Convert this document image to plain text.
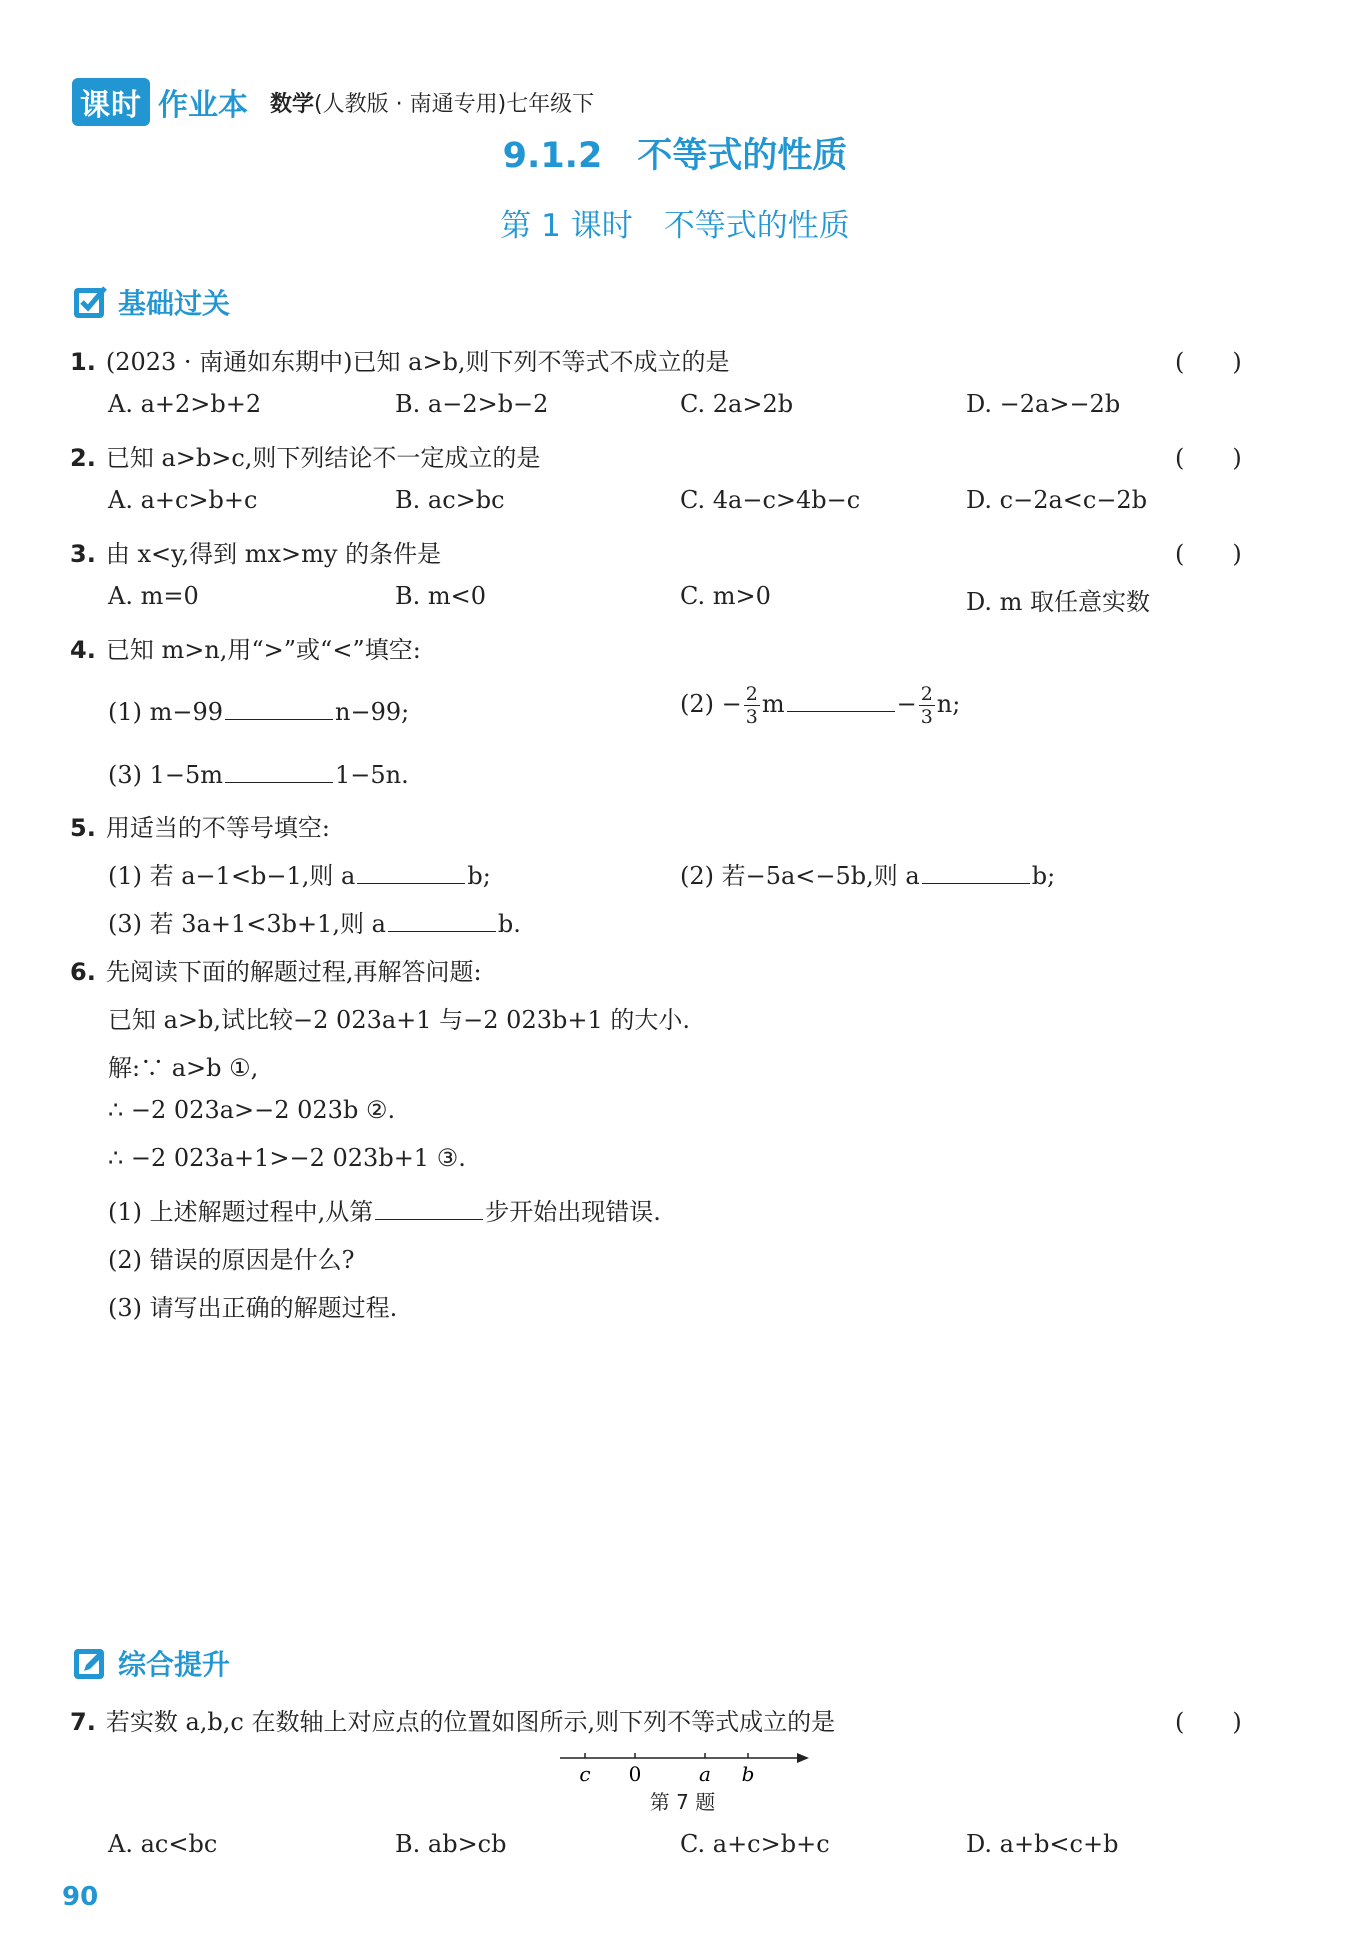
课时 作业本 数学(人教版 · 南通专用)七年级下
9.1.2　不等式的性质
第 1 课时　不等式的性质
基础过关
1. (2023 · 南通如东期中)已知 a>b,则下列不等式不成立的是	(　　)
A. a+2>b+2	B. a−2>b−2	C. 2a>2b	D. −2a>−2b
2. 已知 a>b>c,则下列结论不一定成立的是	(　　)
A. a+c>b+c	B. ac>bc	C. 4a−c>4b−c	D. c−2a<c−2b
3. 由 x<y,得到 mx>my 的条件是	(　　)
A. m=0	B. m<0	C. m>0	D. m 取任意实数
4. 已知 m>n,用“>”或“<”填空:
(1) m−99	n−99;	$(2) - \frac{2}{3}$ m	− $\frac{2}{3} n$;
(3) 1−5m	1−5n.
5. 用适当的不等号填空:
(1) 若 a−1<b−1,则 a	b;	(2) 若−5a<−5b,则 a	b;
(3) 若 3a+1<3b+1,则 a	b.
6. 先阅读下面的解题过程,再解答问题:
已知 a>b,试比较−2 023a+1 与−2 023b+1 的大小.
解:∵ a>b ①,
∴ −2 023a>−2 023b ②.
∴ −2 023a+1>−2 023b+1 ③.
(1) 上述解题过程中,从第	步开始出现错误.
(2) 错误的原因是什么?
(3) 请写出正确的解题过程.
综合提升
7. 若实数 a,b,c 在数轴上对应点的位置如图所示,则下列不等式成立的是	(　　)
c 0	a b
第 7 题
A. ac<bc	B. ab>cb	C. a+c>b+c	D. a+b<c+b
90
